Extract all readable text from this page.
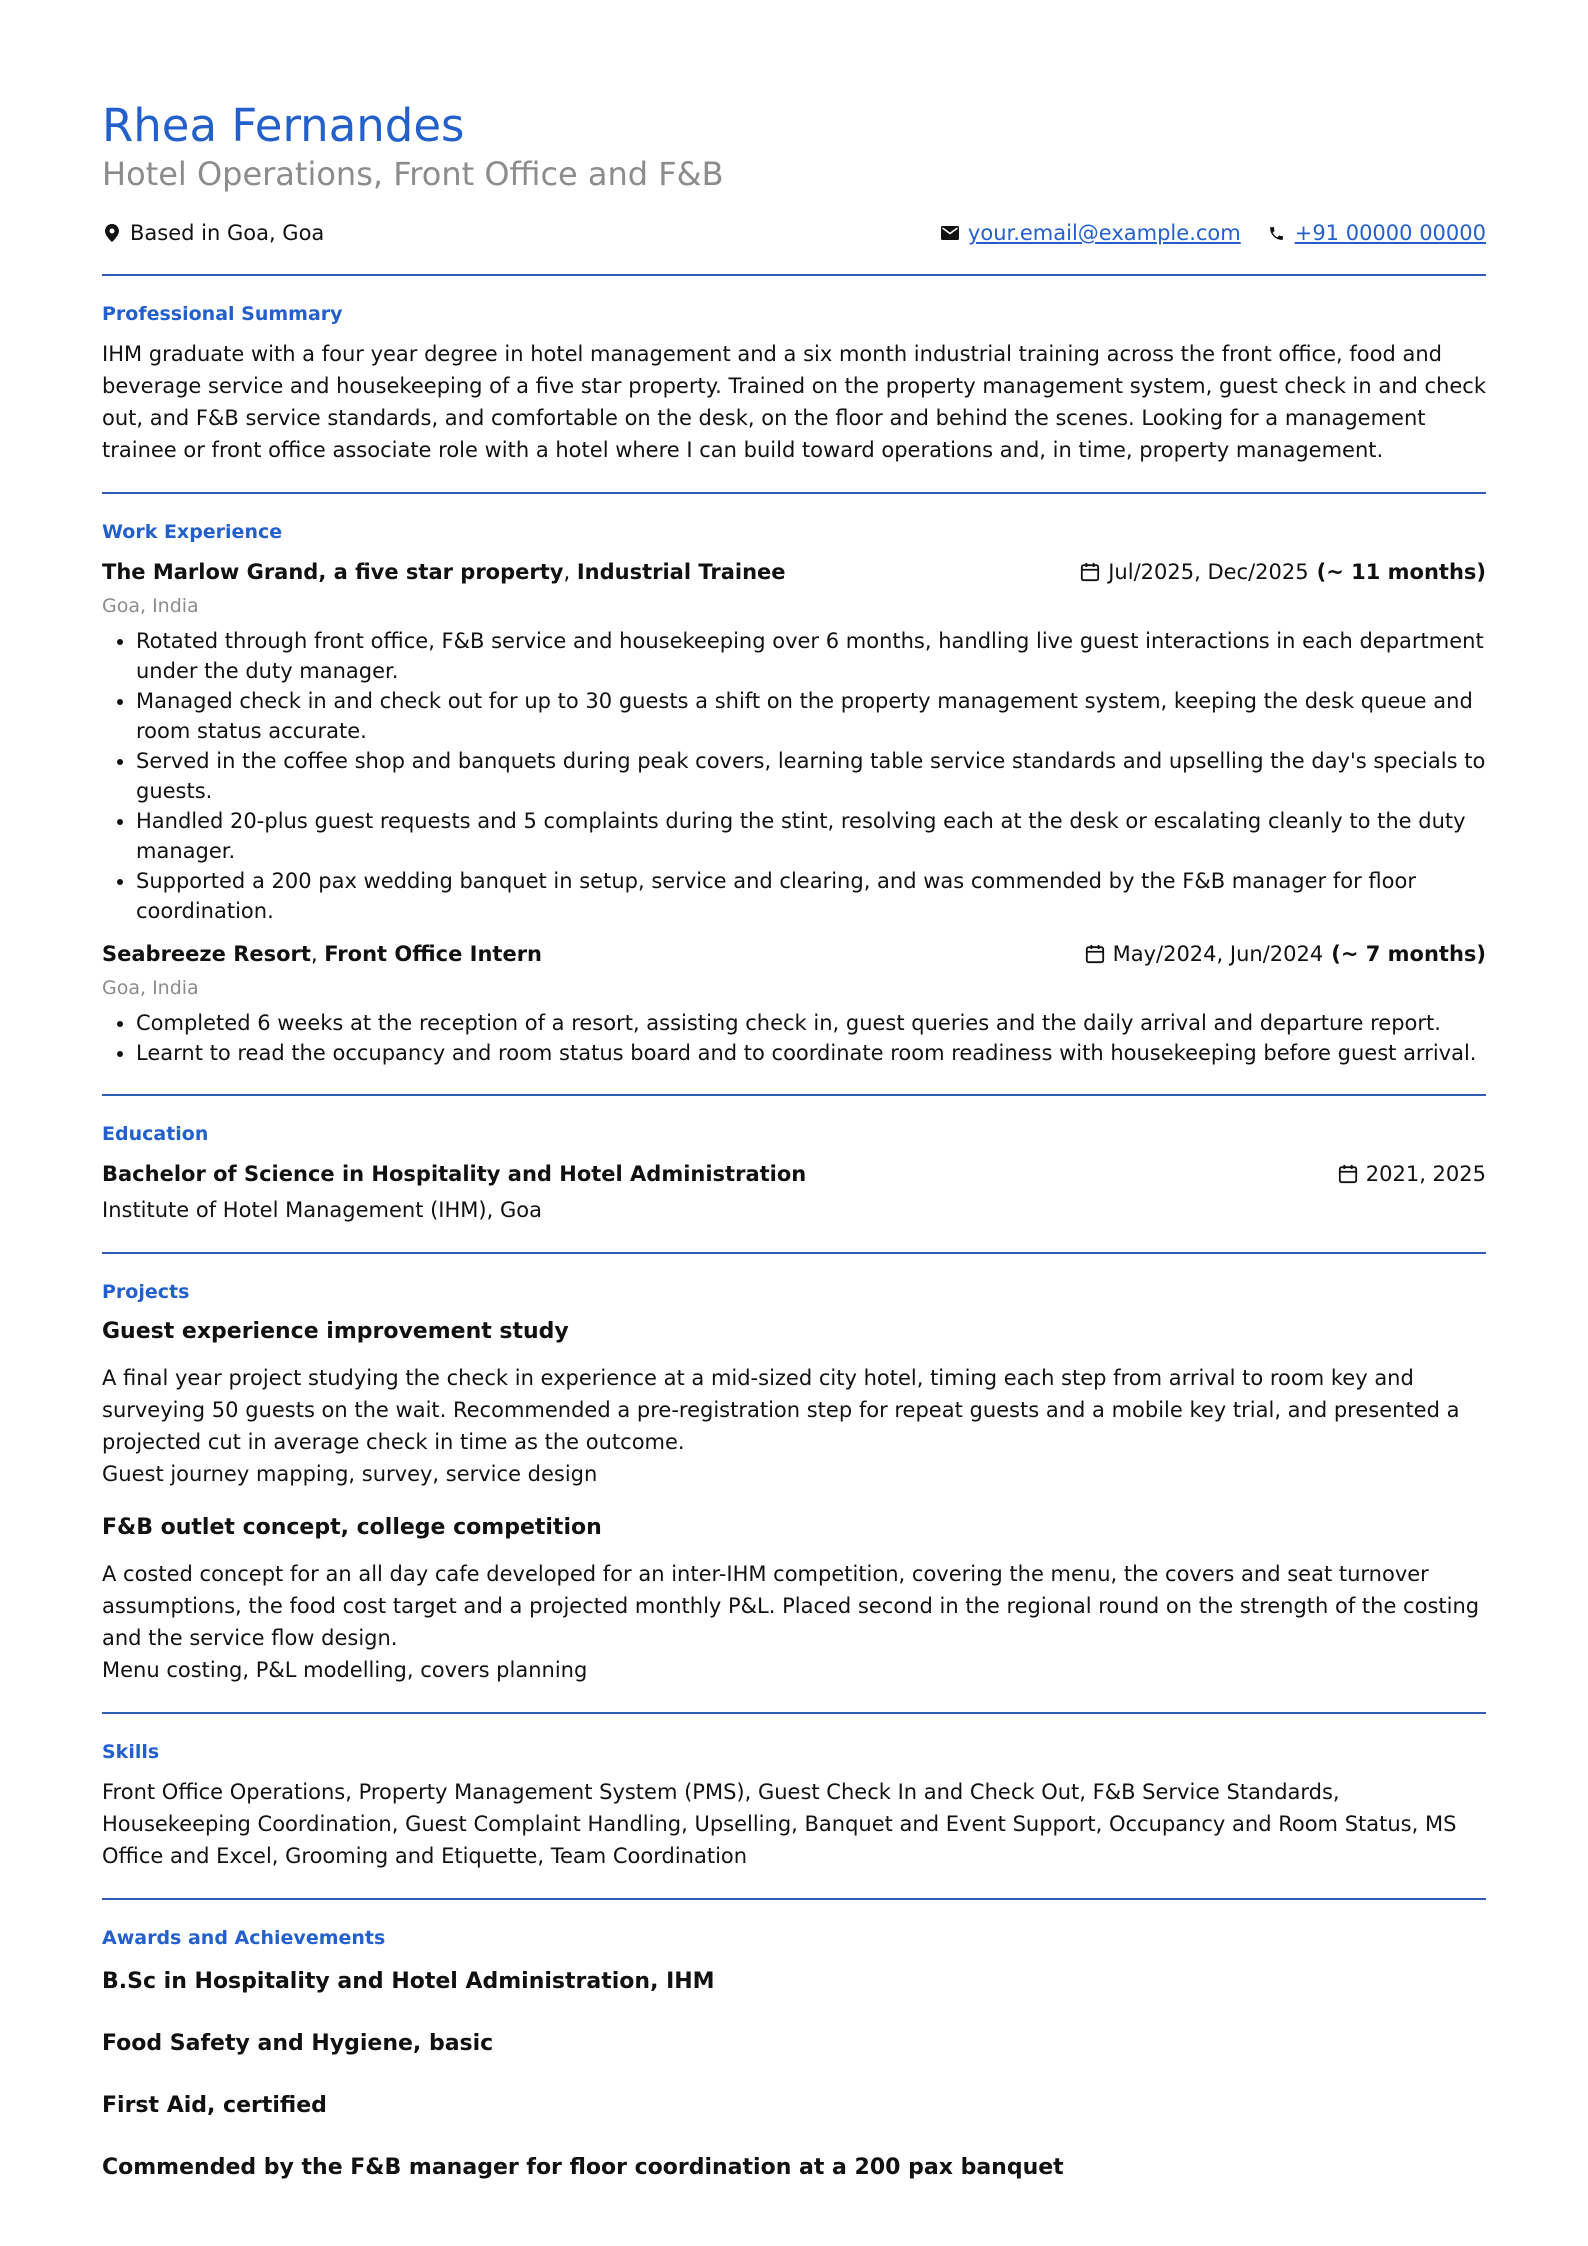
Rhea Fernandes
Hotel Operations, Front Office and F&B
Based in Goa, Goa	your.email@example.com	+91 00000 00000
Professional Summary

IHM graduate with a four year degree in hotel management and a six month industrial training across the front office, food and beverage service and housekeeping of a five star property. Trained on the property management system, guest check in and check out, and F&B service standards, and comfortable on the desk, on the floor and behind the scenes. Looking for a management trainee or front office associate role with a hotel where I can build toward operations and, in time, property management.

Work Experience
The Marlow Grand, a five star property, Industrial Trainee	Jul/2025, Dec/2025 (~ 11 months)
Goa, India
• Rotated through front office, F&B service and housekeeping over 6 months, handling live guest interactions in each department under the duty manager.
• Managed check in and check out for up to 30 guests a shift on the property management system, keeping the desk queue and room status accurate.
• Served in the coffee shop and banquets during peak covers, learning table service standards and upselling the day's specials to guests.
• Handled 20-plus guest requests and 5 complaints during the stint, resolving each at the desk or escalating cleanly to the duty manager.
• Supported a 200 pax wedding banquet in setup, service and clearing, and was commended by the F&B manager for floor coordination.
Seabreeze Resort, Front Office Intern	May/2024, Jun/2024 (~ 7 months)
Goa, India
• Completed 6 weeks at the reception of a resort, assisting check in, guest queries and the daily arrival and departure report.
• Learnt to read the occupancy and room status board and to coordinate room readiness with housekeeping before guest arrival.
Education
Bachelor of Science in Hospitality and Hotel Administration	2021, 2025
Institute of Hotel Management (IHM), Goa
Projects
Guest experience improvement study

A final year project studying the check in experience at a mid-sized city hotel, timing each step from arrival to room key and surveying 50 guests on the wait. Recommended a pre-registration step for repeat guests and a mobile key trial, and presented a projected cut in average check in time as the outcome.

Guest journey mapping, survey, service design

F&B outlet concept, college competition

A costed concept for an all day cafe developed for an inter-IHM competition, covering the menu, the covers and seat turnover assumptions, the food cost target and a projected monthly P&L. Placed second in the regional round on the strength of the costing and the service flow design.

Menu costing, P&L modelling, covers planning

Skills

Front Office Operations, Property Management System (PMS), Guest Check In and Check Out, F&B Service Standards, Housekeeping Coordination, Guest Complaint Handling, Upselling, Banquet and Event Support, Occupancy and Room Status, MS Office and Excel, Grooming and Etiquette, Team Coordination

Awards and Achievements
B.Sc in Hospitality and Hotel Administration, IHM
Food Safety and Hygiene, basic
First Aid, certified
Commended by the F&B manager for floor coordination at a 200 pax banquet
